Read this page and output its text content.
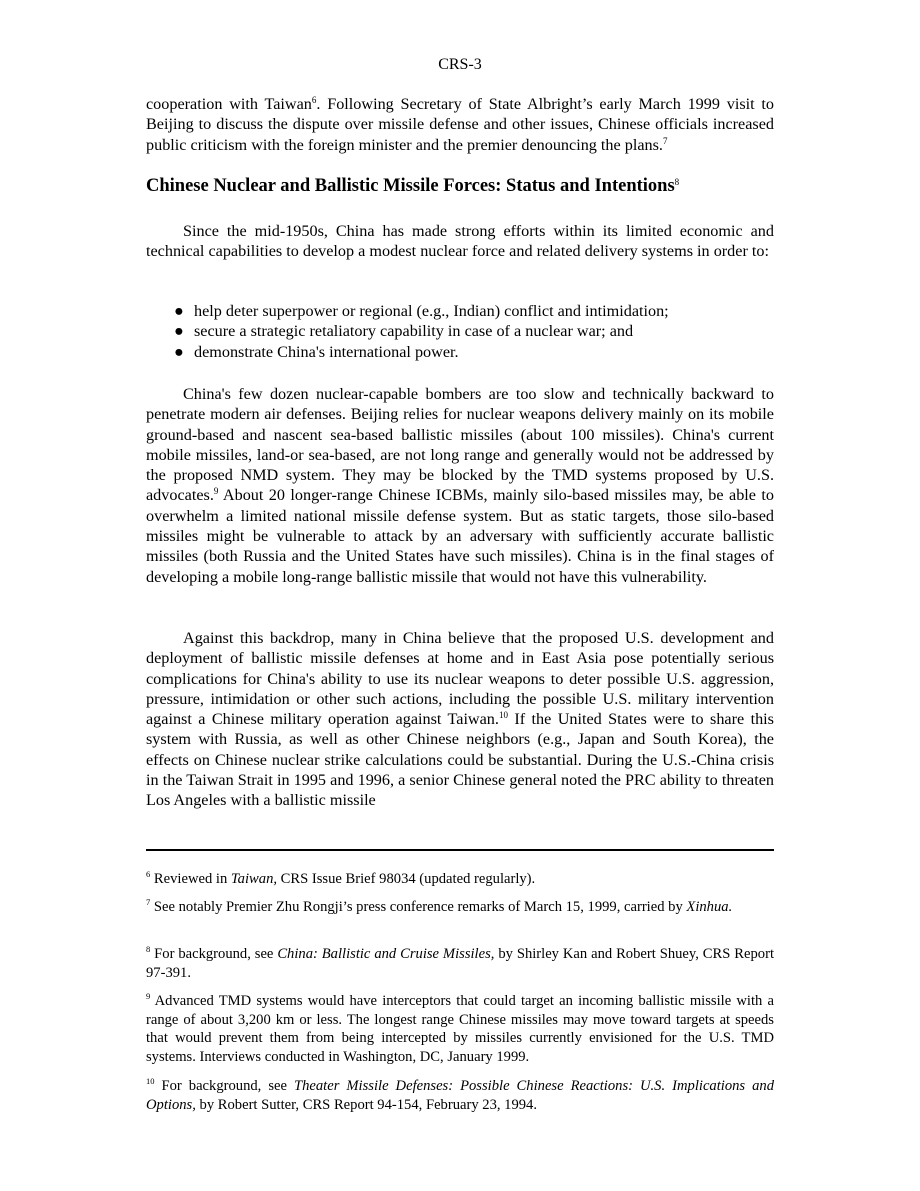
CRS-3

cooperation with Taiwan$^6$. Following Secretary of State Albright’s early March 1999 visit to Beijing to discuss the dispute over missile defense and other issues, Chinese officials increased public criticism with the foreign minister and the premier denouncing the plans.$^7$

Chinese Nuclear and Ballistic Missile Forces: Status and Intentions$^8$

Since the mid-1950s, China has made strong efforts within its limited economic and technical capabilities to develop a modest nuclear force and related delivery systems in order to:

● help deter superpower or regional (e.g., Indian) conflict and intimidation;
● secure a strategic retaliatory capability in case of a nuclear war; and
● demonstrate China's international power.

China's few dozen nuclear-capable bombers are too slow and technically backward to penetrate modern air defenses. Beijing relies for nuclear weapons delivery mainly on its mobile ground-based and nascent sea-based ballistic missiles (about 100 missiles). China's current mobile missiles, land-or sea-based, are not long range and generally would not be addressed by the proposed NMD system. They may be blocked by the TMD systems proposed by U.S. advocates.$^9$ About 20 longer-range Chinese ICBMs, mainly silo-based missiles may, be able to overwhelm a limited national missile defense system. But as static targets, those silo-based missiles might be vulnerable to attack by an adversary with sufficiently accurate ballistic missiles (both Russia and the United States have such missiles). China is in the final stages of developing a mobile long-range ballistic missile that would not have this vulnerability.

Against this backdrop, many in China believe that the proposed U.S. development and deployment of ballistic missile defenses at home and in East Asia pose potentially serious complications for China's ability to use its nuclear weapons to deter possible U.S. aggression, pressure, intimidation or other such actions, including the possible U.S. military intervention against a Chinese military operation against Taiwan.$^{10}$ If the United States were to share this system with Russia, as well as other Chinese neighbors (e.g., Japan and South Korea), the effects on Chinese nuclear strike calculations could be substantial. During the U.S.-China crisis in the Taiwan Strait in 1995 and 1996, a senior Chinese general noted the PRC ability to threaten Los Angeles with a ballistic missile

$^6$ Reviewed in Taiwan, CRS Issue Brief 98034 (updated regularly).

$^7$ See notably Premier Zhu Rongji’s press conference remarks of March 15, 1999, carried by Xinhua.

$^8$ For background, see China: Ballistic and Cruise Missiles, by Shirley Kan and Robert Shuey, CRS Report 97-391.

$^9$ Advanced TMD systems would have interceptors that could target an incoming ballistic missile with a range of about 3,200 km or less. The longest range Chinese missiles may move toward targets at speeds that would prevent them from being intercepted by missiles currently envisioned for the U.S. TMD systems. Interviews conducted in Washington, DC, January 1999.

$^{10}$ For background, see Theater Missile Defenses: Possible Chinese Reactions: U.S. Implications and Options, by Robert Sutter, CRS Report 94-154, February 23, 1994.
